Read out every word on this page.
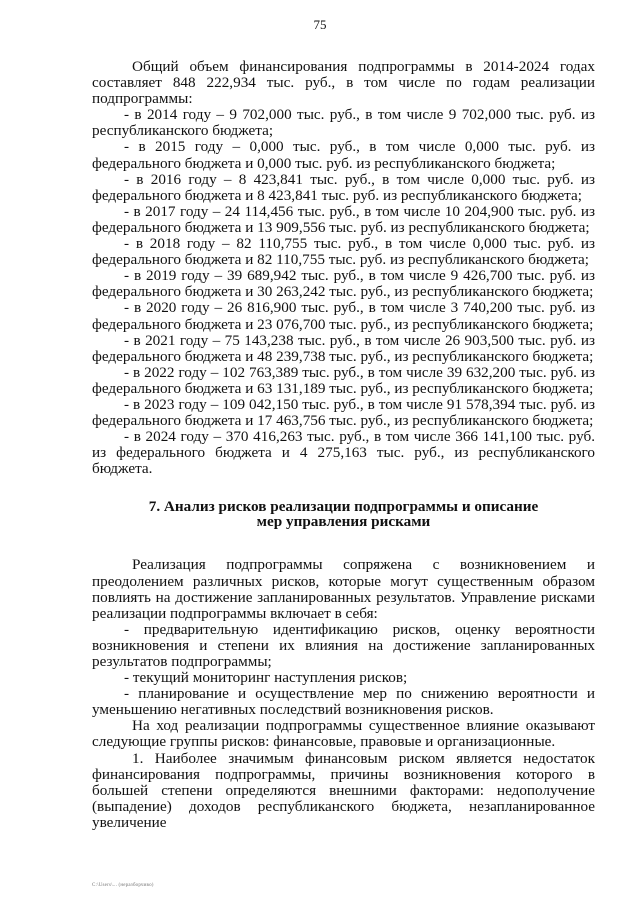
75

Общий объем финансирования подпрограммы в 2014-2024 годах составляет 848 222,934 тыс. руб., в том числе по годам реализации подпрограммы:

- в 2014 году – 9 702,000 тыс. руб., в том числе 9 702,000 тыс. руб. из республиканского бюджета;

- в 2015 году – 0,000 тыс. руб., в том числе 0,000 тыс. руб. из федерального бюджета и 0,000 тыс. руб. из республиканского бюджета;

- в 2016 году – 8 423,841 тыс. руб., в том числе 0,000 тыс. руб. из федерального бюджета и 8 423,841 тыс. руб. из республиканского бюджета;

- в 2017 году – 24 114,456 тыс. руб., в том числе 10 204,900 тыс. руб. из федерального бюджета и 13 909,556 тыс. руб. из республиканского бюджета;

- в 2018 году – 82 110,755 тыс. руб., в том числе 0,000 тыс. руб. из федерального бюджета и 82 110,755 тыс. руб. из республиканского бюджета;

- в 2019 году – 39 689,942 тыс. руб., в том числе 9 426,700 тыс. руб. из федерального бюджета и 30 263,242 тыс. руб., из республиканского бюджета;

- в 2020 году – 26 816,900 тыс. руб., в том числе 3 740,200 тыс. руб. из федерального бюджета и 23 076,700 тыс. руб., из республиканского бюджета;

- в 2021 году – 75 143,238 тыс. руб., в том числе 26 903,500 тыс. руб. из федерального бюджета и 48 239,738 тыс. руб., из республиканского бюджета;

- в 2022 году – 102 763,389 тыс. руб., в том числе 39 632,200 тыс. руб. из федерального бюджета и 63 131,189 тыс. руб., из республиканского бюджета;

- в 2023 году – 109 042,150 тыс. руб., в том числе 91 578,394 тыс. руб. из федерального бюджета и 17 463,756 тыс. руб., из республиканского бюджета;

- в 2024 году – 370 416,263 тыс. руб., в том числе 366 141,100 тыс. руб. из федерального бюджета и 4 275,163 тыс. руб., из республиканского бюджета.

7. Анализ рисков реализации подпрограммы и описание
мер управления рисками

Реализация подпрограммы сопряжена с возникновением и преодолением различных рисков, которые могут существенным образом повлиять на достижение запланированных результатов. Управление рисками реализации подпрограммы включает в себя:

- предварительную идентификацию рисков, оценку вероятности возникновения и степени их влияния на достижение запланированных результатов подпрограммы;

- текущий мониторинг наступления рисков;

- планирование и осуществление мер по снижению вероятности и уменьшению негативных последствий возникновения рисков.

На ход реализации подпрограммы существенное влияние оказывают следующие группы рисков: финансовые, правовые и организационные.

1. Наиболее значимым финансовым риском является недостаток финансирования подпрограммы, причины возникновения которого в большей степени определяются внешними факторами: недополучение (выпадение) доходов республиканского бюджета, незапланированное увеличение

C:\Users\... (неразборчиво)
